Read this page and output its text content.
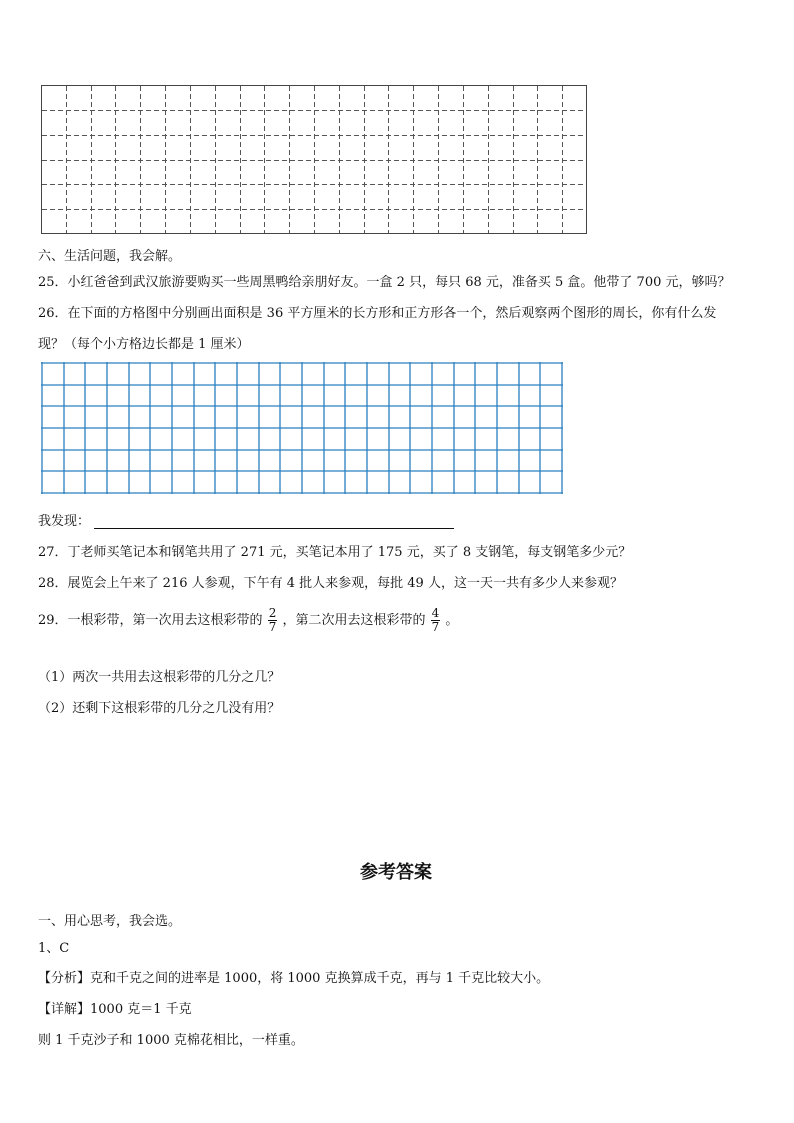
六、生活问题，我会解。
25．小红爸爸到武汉旅游要购买一些周黑鸭给亲朋好友。一盒 2 只，每只 68 元，准备买 5 盒。他带了 700 元，够吗？
26．在下面的方格图中分别画出面积是 36 平方厘米的长方形和正方形各一个，然后观察两个图形的周长，你有什么发
现？（每个小方格边长都是 1 厘米）
我发现：
27．丁老师买笔记本和钢笔共用了 271 元，买笔记本用了 175 元，买了 8 支钢笔，每支钢笔多少元？
28．展览会上午来了 216 人参观，下午有 4 批人来参观，每批 49 人，这一天一共有多少人来参观？
29．一根彩带，第一次用去这根彩带的 $\frac{2}{7}$ ，第二次用去这根彩带的 $\frac{4}{7}$ 。
（1）两次一共用去这根彩带的几分之几？
（2）还剩下这根彩带的几分之几没有用？
参考答案
一、用心思考，我会选。
1、C
【分析】克和千克之间的进率是 1000，将 1000 克换算成千克，再与 1 千克比较大小。
【详解】1000 克＝1 千克
则 1 千克沙子和 1000 克棉花相比，一样重。
